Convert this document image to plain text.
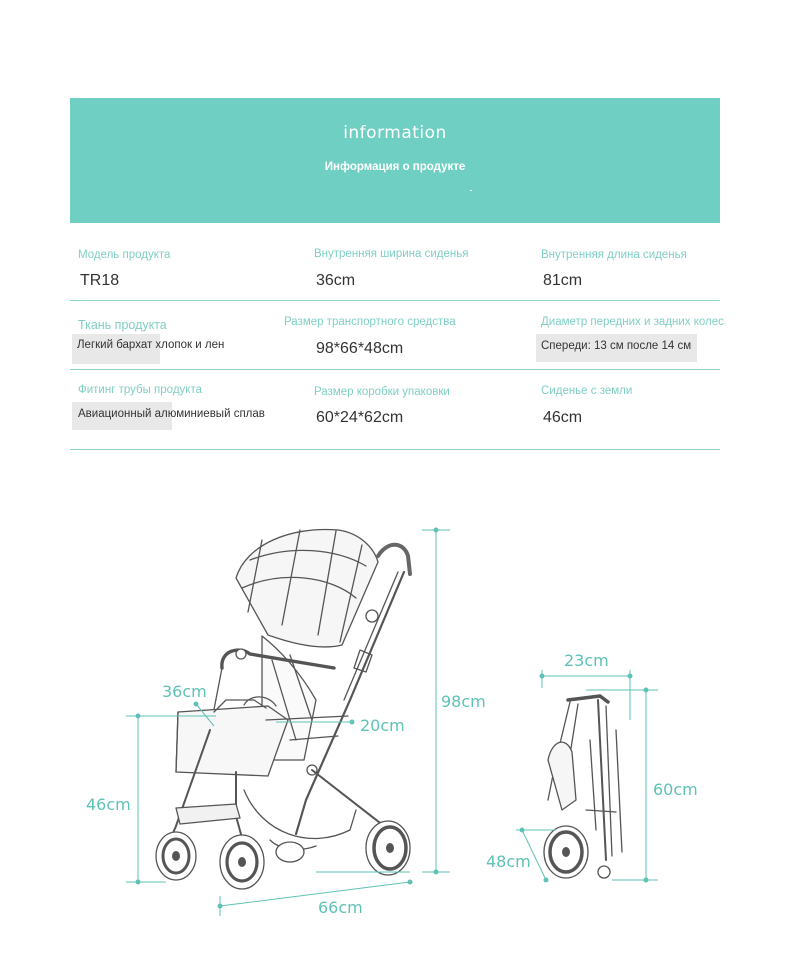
information
Информация о продукте
Модель продукта
TR18
Внутренняя ширина сиденья
36cm
Внутренняя длина сиденья
81cm
Ткань продукта
Легкий бархат хлопок и лен
Размер транспортного средства
98*66*48cm
Диаметр передних и задних колес
Спереди: 13 см после 14 см
Фитинг трубы продукта
Авиационный алюминиевый сплав
Размер коробки упаковки
60*24*62cm
Сиденье с земли
46cm
36cm
20cm
98cm
46cm
66cm
23cm
60cm
48cm
